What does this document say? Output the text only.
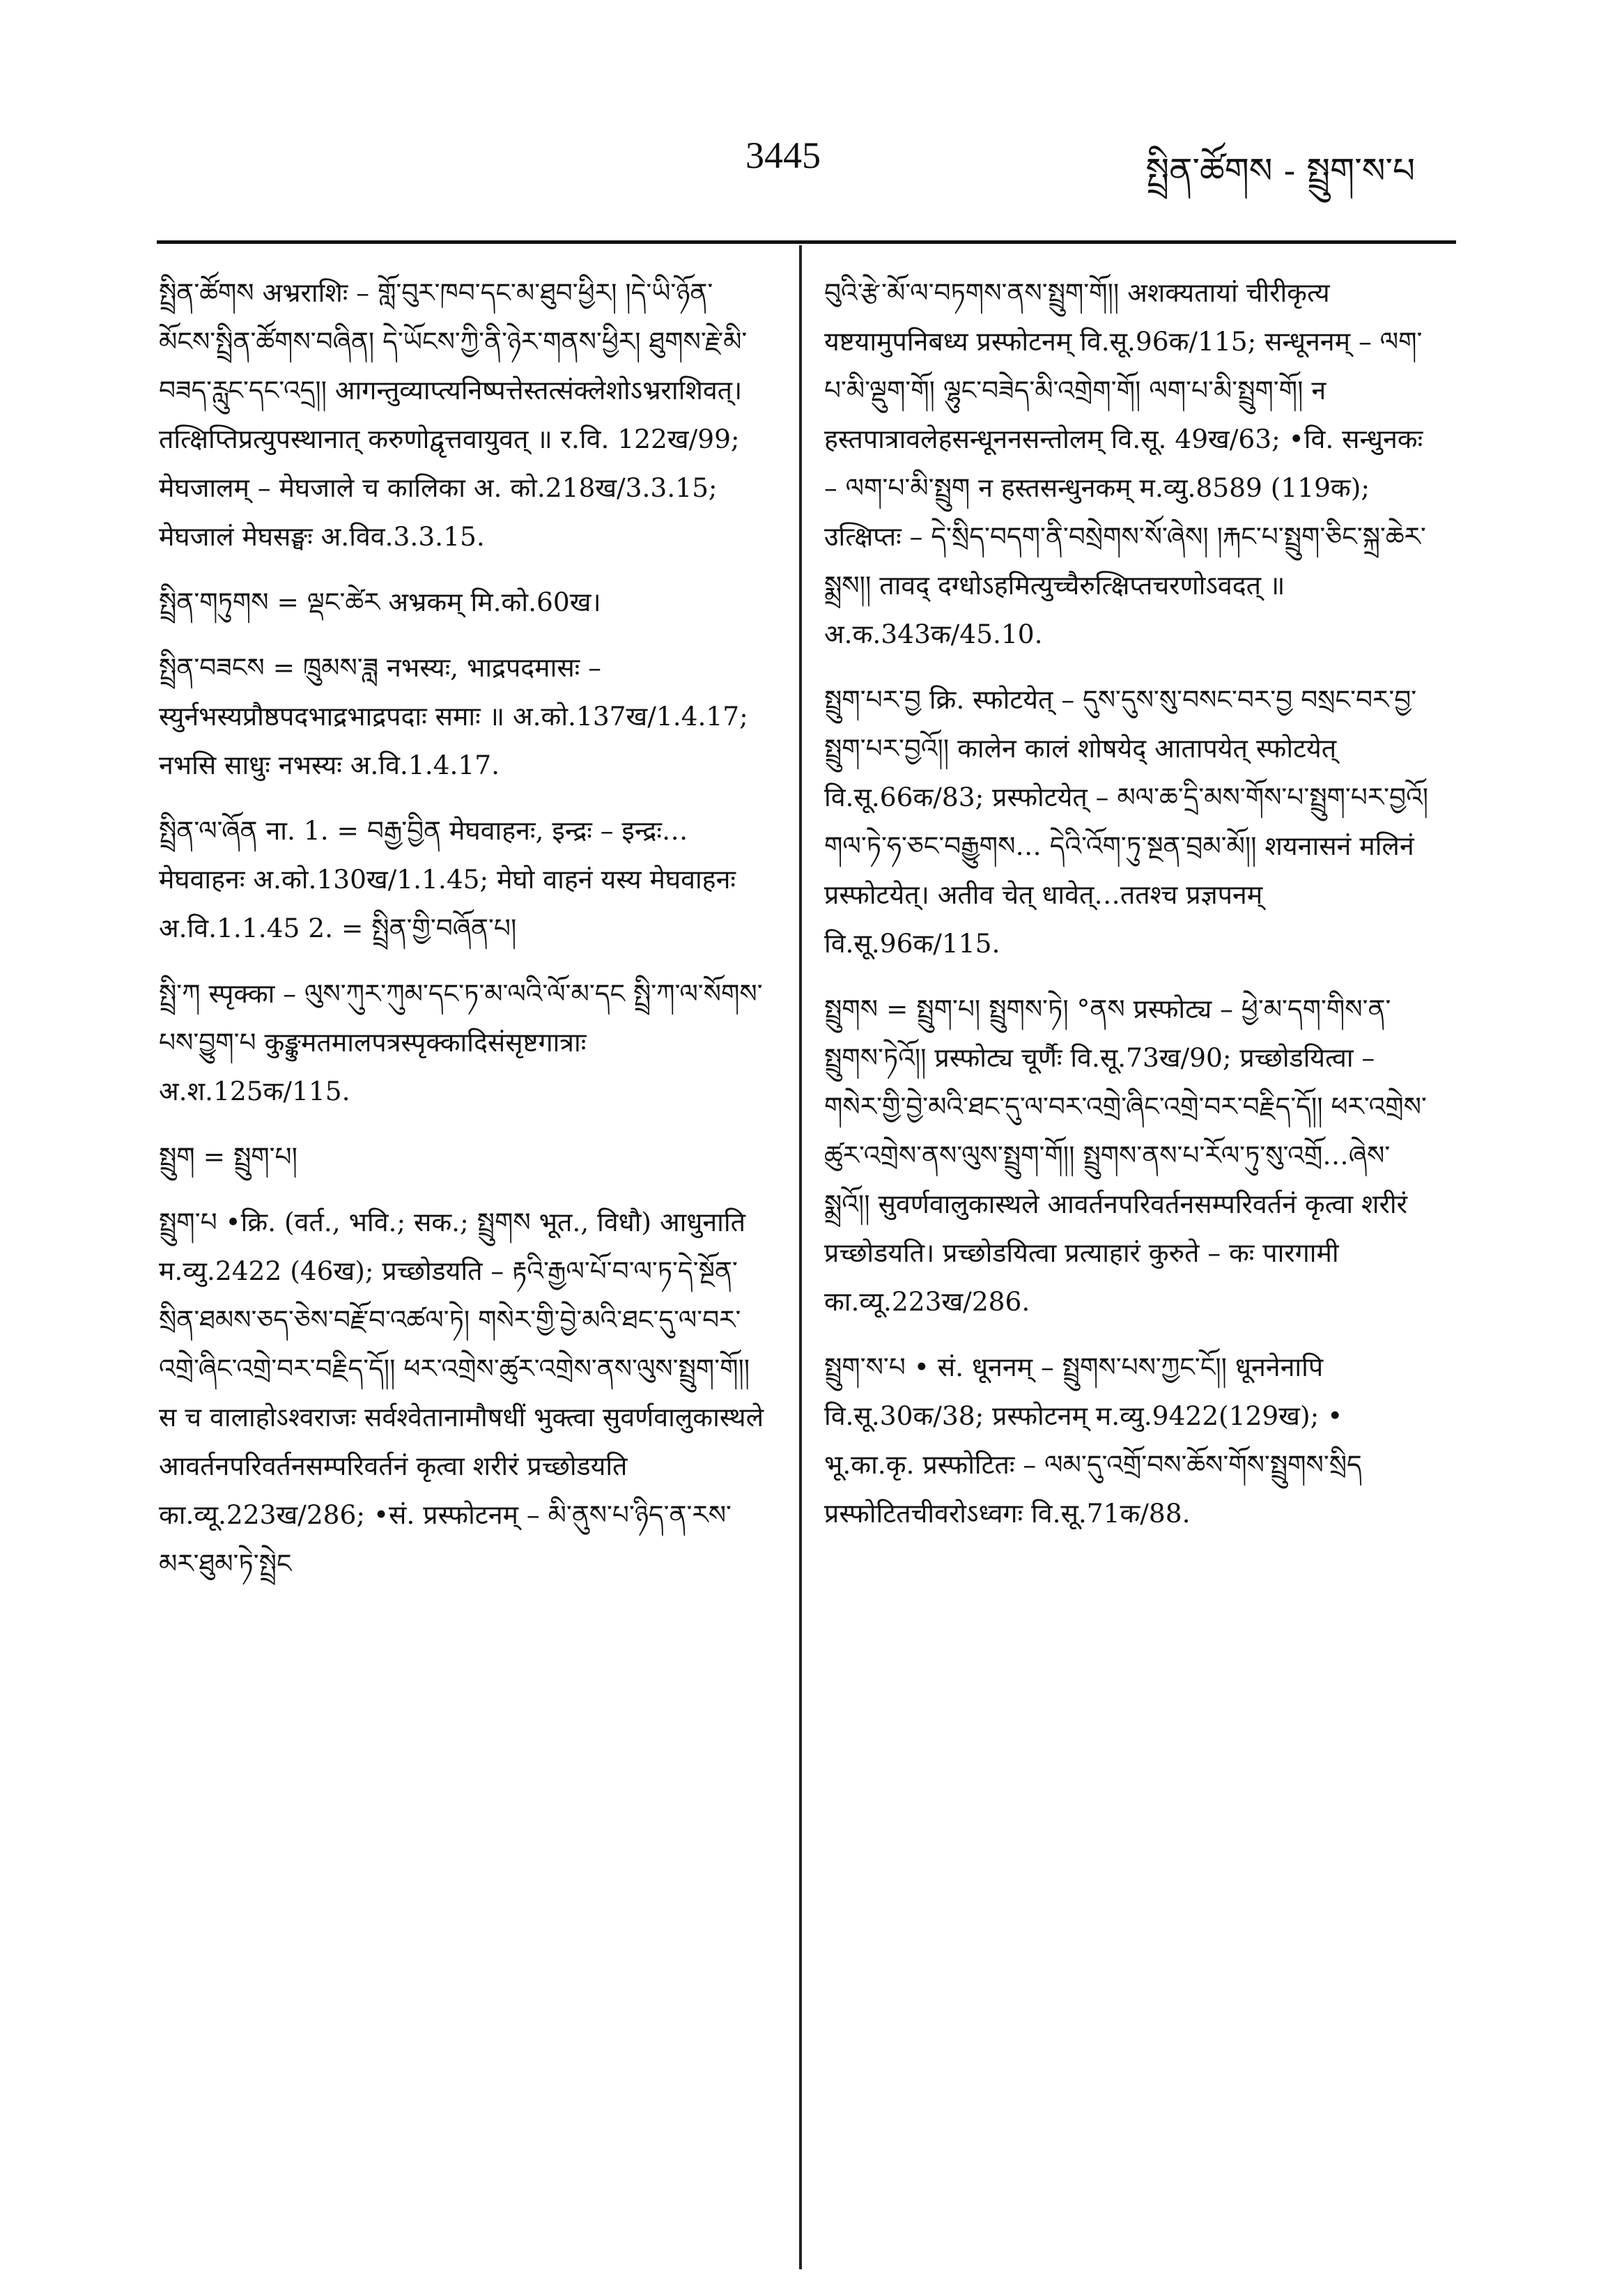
3445	སྤྲིན་ཚོགས - སྤྲུག་ས་པ

སྤྲིན་ཚོགས अभ्रराशिः – གློ་བུར་ཁབ་དང་མ་ཐུབ་ཕྱིར། །དེ་ཡི་ཉོན་མོངས་སྤྲིན་ཚོགས་བཞིན། དེ་ཡོངས་ཀྱི་ནི་ཉེར་གནས་ཕྱིར། ཐུགས་རྗེ་མི་བཟད་རླུང་དང་འདྲ།། आगन्तुव्याप्त्यनिष्पत्तेस्तत्संक्लेशोऽभ्रराशिवत्। तत्क्षिप्तिप्रत्युपस्थानात् करुणोद्वृत्तवायुवत् ॥ र.वि. 122ख/99; मेघजालम् – मेघजाले च कालिका अ. को.218ख/3.3.15; मेघजालं मेघसङ्घः अ.विव.3.3.15.

སྤྲིན་གཏུགས = ལྡང་ཚེར अभ्रकम् मि.को.60ख।

སྤྲིན་བཟངས = ཁྲུམས་ཟླ नभस्यः, भाद्रपदमासः – स्युर्नभस्यप्रौष्ठपदभाद्रभाद्रपदाः समाः ॥ अ.को.137ख/1.4.17; नभसि साधुः नभस्यः अ.वि.1.4.17.

སྤྲིན་ལ་ཞོན ना. 1. = བརྒྱ་བྱིན मेघवाहनः, इन्द्रः – इन्द्रः…मेघवाहनः अ.को.130ख/1.1.45; मेघो वाहनं यस्य मेघवाहनः अ.वि.1.1.45 2. = སྤྲིན་གྱི་བཞོན་པ།

སྤྲི་ཀ स्पृक्का – ལུས་ཀུར་ཀུམ་དང་ཏ་མ་ལའི་ལོ་མ་དང སྤྲི་ཀ་ལ་སོགས་པས་བྱུག་པ कुङ्कुमतमालपत्रस्पृक्कादिसंसृष्टगात्राः अ.श.125क/115.

སྤྲུག = སྤྲུག་པ།

སྤྲུག་པ •क्रि. (वर्त., भवि.; सक.; སྤྲུགས भूत., विधौ) आधुनाति म.व्यु.2422 (46ख); प्रच्छोडयति – རྟའི་རྒྱལ་པོ་བ་ལ་ཏ་དེ་སྔོན་སྲིན་ཐམས་ཅད་ཅེས་བརྗོ་བ་འཚལ་ཏེ། གསེར་གྱི་བྱེ་མའི་ཐང་དུ་ལ་བར་འགྲེ་ཞིང་འགྲེ་བར་བརྗིད་དོ།། ཕར་འགྲེས་ཚུར་འགྲེས་ནས་ལུས་སྤྲུག་གོ།། स च वालाहोऽश्वराजः सर्वश्वेतानामौषधीं भुक्त्वा सुवर्णवालुकास्थले आवर्तनपरिवर्तनसम्परिवर्तनं कृत्वा शरीरं प्रच्छोडयति का.व्यू.223ख/286; •सं. प्रस्फोटनम् – མི་ནུས་པ་ཉིད་ན་རས་མར་ཐུམ་ཏེ་སྤྲེང

བུའི་རྩེ་མོ་ལ་བཏགས་ནས་སྤྲུག་གོ།། अशक्यतायां चीरीकृत्य यष्टयामुपनिबध्य प्रस्फोटनम् वि.सू.96क/115; सन्धूननम् – ལག་པ་མི་ལྡུག་གོ། ལྷུང་བཟེད་མི་འགྲེག་གོ། ལག་པ་མི་སྤྲུག་གོ། न हस्तपात्रावलेहसन्धूननसन्तोलम् वि.सू. 49ख/63; •वि. सन्धुनकः – ལག་པ་མི་སྤྲུག न हस्तसन्धुनकम् म.व्यु.8589 (119क); उत्क्षिप्तः – དེ་སྲིད་བདག་ནི་བསྲེགས་སོ་ཞེས། །རྐང་པ་སྤྲུག་ཅིང་སྐྲ་ཆེར་སྨྲས།། तावद् दग्धोऽहमित्युच्चैरुत्क्षिप्तचरणोऽवदत् ॥ अ.क.343क/45.10.

སྤྲུག་པར་བྱ क्रि. स्फोटयेत् – དུས་དུས་སུ་བསང་བར་བྱ བསྲང་བར་བྱ་སྤྲུག་པར་བྱའོ།། कालेन कालं शोषयेद् आतापयेत् स्फोटयेत् वि.सू.66क/83; प्रस्फोटयेत् – མལ་ཆ་དྲི་མས་གོས་པ་སྤྲུག་པར་བྱའོ། གལ་ཏེ་ཧ་ཅང་བརྒྱུགས… དེའི་འོག་ཏུ་སྔན་བྲམ་མོ།། शयनासनं मलिनं प्रस्फोटयेत्। अतीव चेत् धावेत्…ततश्च प्रज्ञपनम् वि.सू.96क/115.

སྤྲུགས = སྤྲུག་པ། སྤྲུགས་ཏེ། °ནས प्रस्फोट्य – ཕྱེ་མ་དག་གིས་ན་སྤྲུགས་ཏེའོ།། प्रस्फोट्य चूर्णैः वि.सू.73ख/90; प्रच्छोडयित्वा – གསེར་གྱི་བྱེ་མའི་ཐང་དུ་ལ་བར་འགྲེ་ཞིང་འགྲེ་བར་བརྗིད་དོ།། ཕར་འགྲེས་ཚུར་འགྲེས་ནས་ལུས་སྤྲུག་གོ།། སྤྲུགས་ནས་པ་རོལ་ཏུ་སུ་འགྲོ…ཞེས་སྨྲའོ།། सुवर्णवालुकास्थले आवर्तनपरिवर्तनसम्परिवर्तनं कृत्वा शरीरं प्रच्छोडयति। प्रच्छोडयित्वा प्रत्याहारं कुरुते – कः पारगामी का.व्यू.223ख/286.

སྤྲུག་ས་པ • सं. धूननम् – སྤྲུགས་པས་ཀྱང་ངོ།། धूननेनापि वि.सू.30क/38; प्रस्फोटनम् म.व्यु.9422(129ख); • भू.का.कृ. प्रस्फोटितः – ལམ་དུ་འགྲོ་བས་ཆོས་གོས་སྤྲུགས་སྲིད प्रस्फोटितचीवरोऽध्वगः वि.सू.71क/88.
